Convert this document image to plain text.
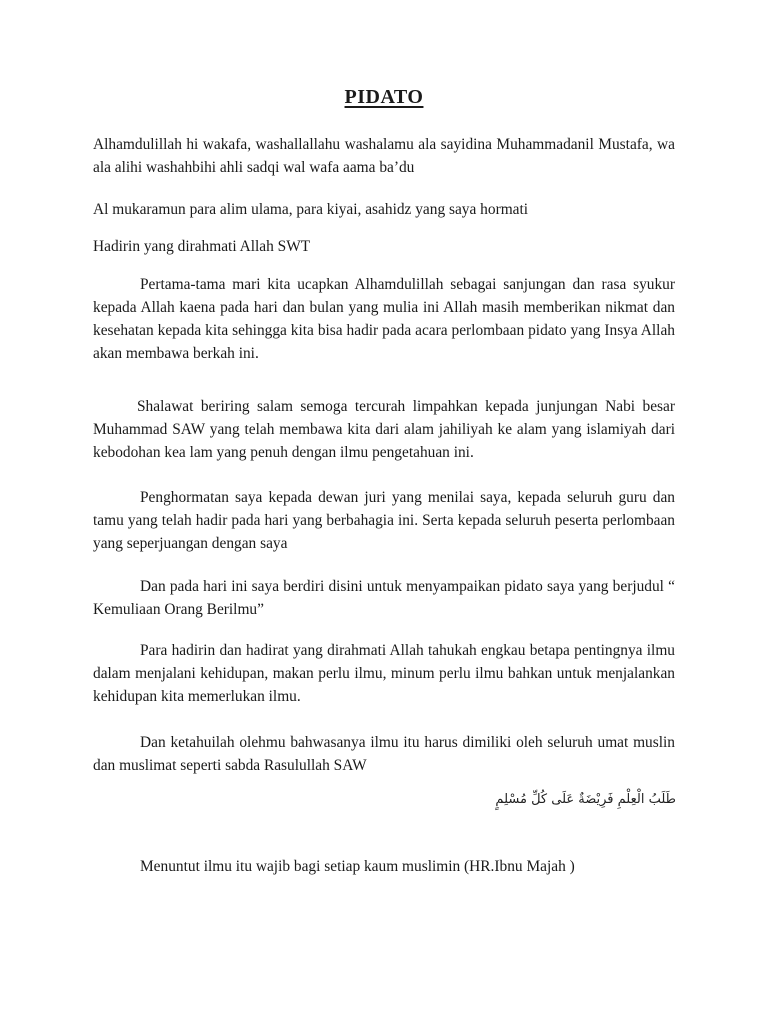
PIDATO

Alhamdulillah hi wakafa, washallallahu washalamu ala sayidina Muhammadanil Mustafa, wa ala alihi washahbihi ahli sadqi wal wafa aama ba’du

Al mukaramun para alim ulama, para kiyai, asahidz yang saya hormati

Hadirin yang dirahmati Allah SWT

Pertama-tama mari kita ucapkan Alhamdulillah sebagai sanjungan dan rasa syukur kepada Allah kaena pada hari dan bulan yang mulia ini Allah masih memberikan nikmat dan kesehatan kepada kita sehingga kita bisa hadir pada acara perlombaan pidato yang Insya Allah akan membawa berkah ini.

Shalawat beriring salam semoga tercurah limpahkan kepada junjungan Nabi besar Muhammad SAW yang telah membawa kita dari alam jahiliyah ke alam yang islamiyah dari kebodohan kea lam yang penuh dengan ilmu pengetahuan ini.

Penghormatan saya kepada dewan juri yang menilai saya, kepada seluruh guru dan tamu yang telah hadir pada hari yang berbahagia ini. Serta kepada seluruh peserta perlombaan yang seperjuangan dengan saya

Dan pada hari ini saya berdiri disini untuk menyampaikan pidato saya yang berjudul “ Kemuliaan Orang Berilmu”

Para hadirin dan hadirat yang dirahmati Allah tahukah engkau betapa pentingnya ilmu dalam menjalani kehidupan, makan perlu ilmu, minum perlu ilmu bahkan untuk menjalankan kehidupan kita memerlukan ilmu.

Dan ketahuilah olehmu bahwasanya ilmu itu harus dimiliki oleh seluruh umat muslin dan muslimat seperti sabda Rasulullah SAW

طَلَبُ الْعِلْمِ فَرِيْضَةٌ عَلَى كُلِّ مُسْلِمٍ

Menuntut ilmu itu wajib bagi setiap kaum muslimin (HR.Ibnu Majah )
